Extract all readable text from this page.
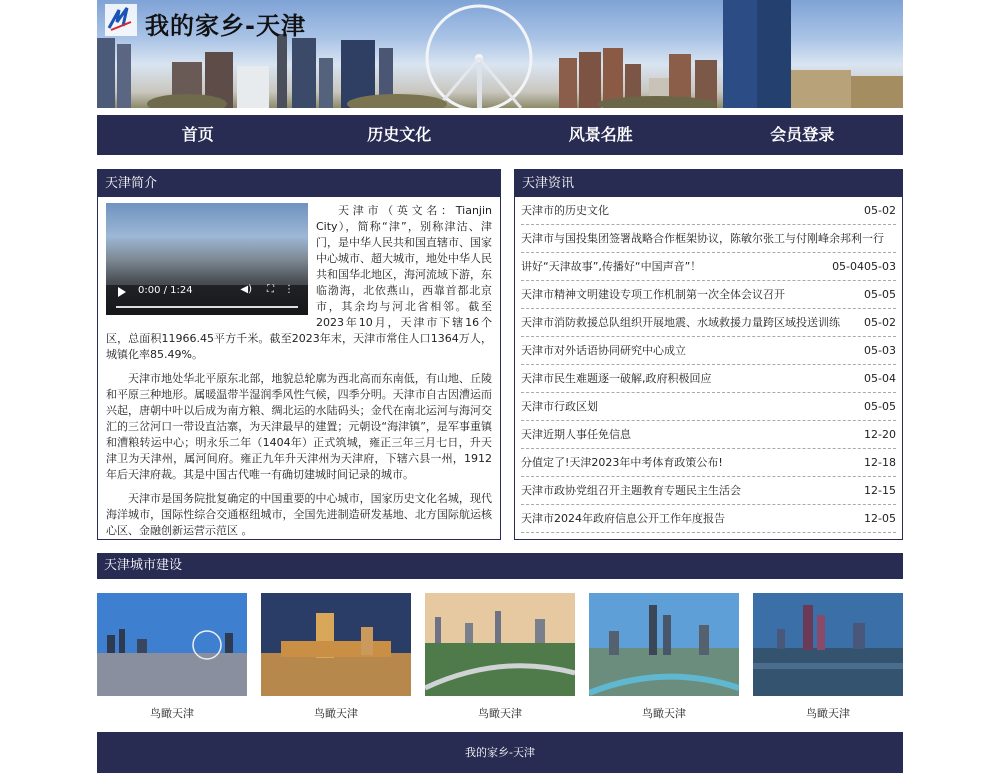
我的家乡-天津
首页	历史文化	风景名胜	会员登录
天津简介
0:00 / 1:24	◀) ⛶ ⋮

天津市（英文名：Tianjin City），简称“津”，别称津沽、津门，是中华人民共和国直辖市、国家中心城市、超大城市，地处中华人民共和国华北地区，海河流域下游，东临渤海，北依燕山，西靠首都北京市，其余均与河北省相邻。截至2023年10月，天津市下辖16个区，总面积11966.45平方千米。截至2023年末，天津市常住人口1364万人，城镇化率85.49%。

天津市地处华北平原东北部，地貌总轮廓为西北高而东南低，有山地、丘陵和平原三种地形。属暖温带半湿润季风性气候，四季分明。天津市自古因漕运而兴起，唐朝中叶以后成为南方粮、绸北运的水陆码头；金代在南北运河与海河交汇的三岔河口一带设直沽寨，为天津最早的建置；元朝设“海津镇”，是军事重镇和漕粮转运中心；明永乐二年（1404年）正式筑城，雍正三年三月七日，升天津卫为天津州，属河间府。雍正九年升天津州为天津府，下辖六县一州，1912年后天津府裁。其是中国古代唯一有确切建城时间记录的城市。

天津市是国务院批复确定的中国重要的中心城市，国家历史文化名城，现代海洋城市，国际性综合交通枢纽城市，全国先进制造研发基地、北方国际航运核心区、金融创新运营示范区 。

天津资讯
天津市的历史文化	05-02
天津市与国投集团签署战略合作框架协议，陈敏尔张工与付刚峰余邦利一行
讲好“天津故事”,传播好“中国声音”！	05-0405-03
天津市精神文明建设专项工作机制第一次全体会议召开	05-05
天津市消防救援总队组织开展地震、水域救援力量跨区域投送训练	05-02
天津市对外话语协同研究中心成立	05-03
天津市民生难题逐一破解,政府积极回应	05-04
天津市行政区划	05-05
天津近期人事任免信息	12-20
分值定了!天津2023年中考体育政策公布!	12-18
天津市政协党组召开主题教育专题民主生活会	12-15
天津市2024年政府信息公开工作年度报告	12-05
天津城市建设
鸟瞰天津	鸟瞰天津	鸟瞰天津	鸟瞰天津	鸟瞰天津
我的家乡-天津
